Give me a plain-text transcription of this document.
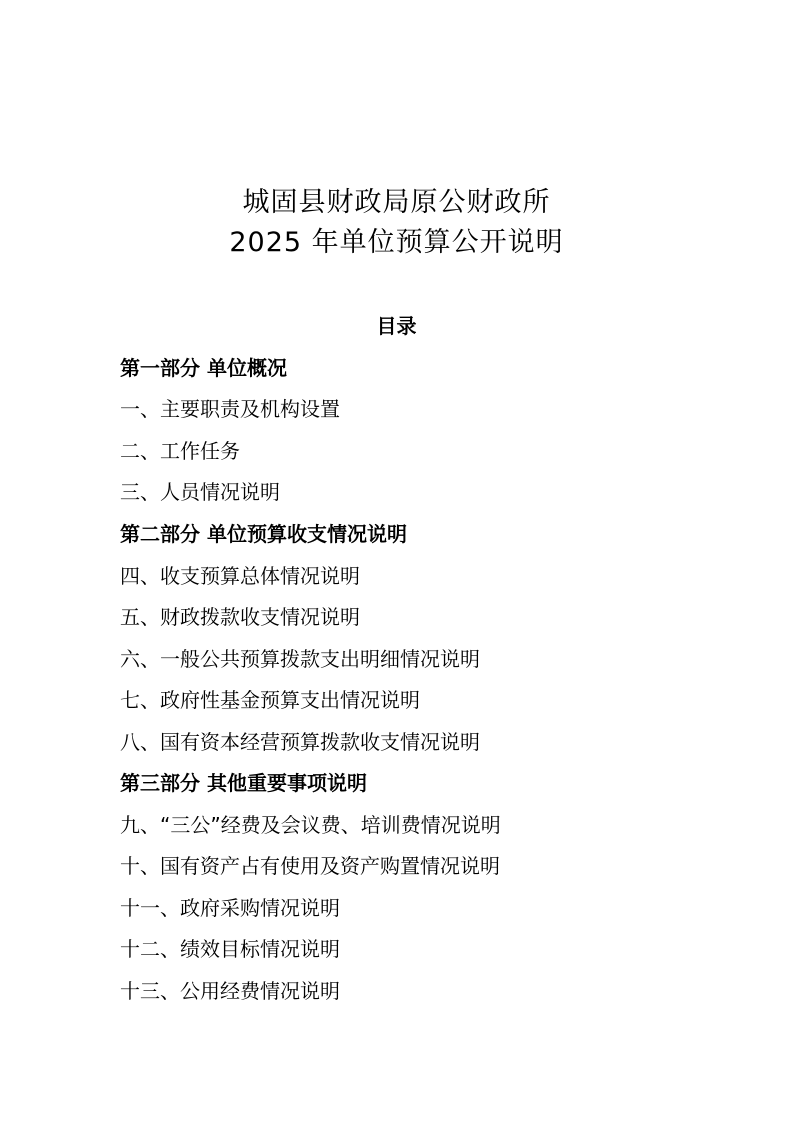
城固县财政局原公财政所
2025 年单位预算公开说明
目录
第一部分 单位概况
一、主要职责及机构设置
二、工作任务
三、人员情况说明
第二部分 单位预算收支情况说明
四、收支预算总体情况说明
五、财政拨款收支情况说明
六、一般公共预算拨款支出明细情况说明
七、政府性基金预算支出情况说明
八、国有资本经营预算拨款收支情况说明
第三部分 其他重要事项说明
九、“三公”经费及会议费、培训费情况说明
十、国有资产占有使用及资产购置情况说明
十一、政府采购情况说明
十二、绩效目标情况说明
十三、公用经费情况说明
